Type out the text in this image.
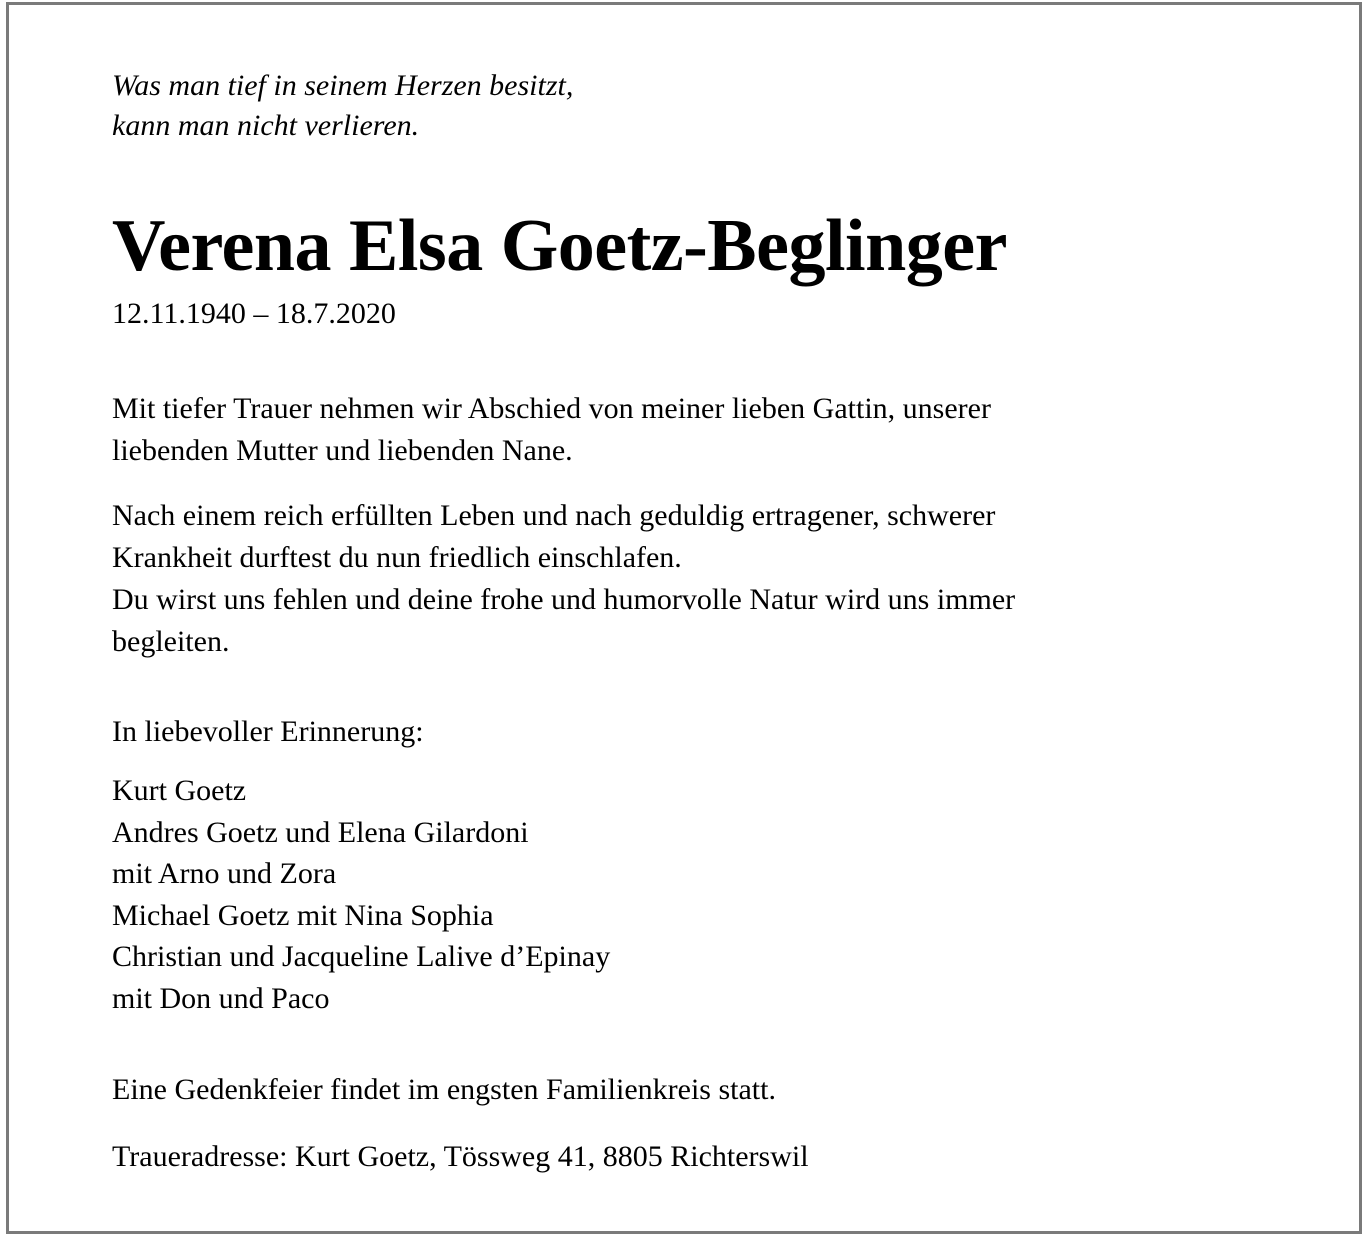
Was man tief in seinem Herzen besitzt,
kann man nicht verlieren.
Verena Elsa Goetz-Beglinger
12.11.1940 – 18.7.2020
Mit tiefer Trauer nehmen wir Abschied von meiner lieben Gattin, unserer
liebenden Mutter und liebenden Nane.
Nach einem reich erfüllten Leben und nach geduldig ertragener, schwerer
Krankheit durftest du nun friedlich einschlafen.
Du wirst uns fehlen und deine frohe und humorvolle Natur wird uns immer
begleiten.
In liebevoller Erinnerung:
Kurt Goetz
Andres Goetz und Elena Gilardoni
mit Arno und Zora
Michael Goetz mit Nina Sophia
Christian und Jacqueline Lalive d’Epinay
mit Don und Paco
Eine Gedenkfeier findet im engsten Familienkreis statt.
Traueradresse: Kurt Goetz, Tössweg 41, 8805 Richterswil
